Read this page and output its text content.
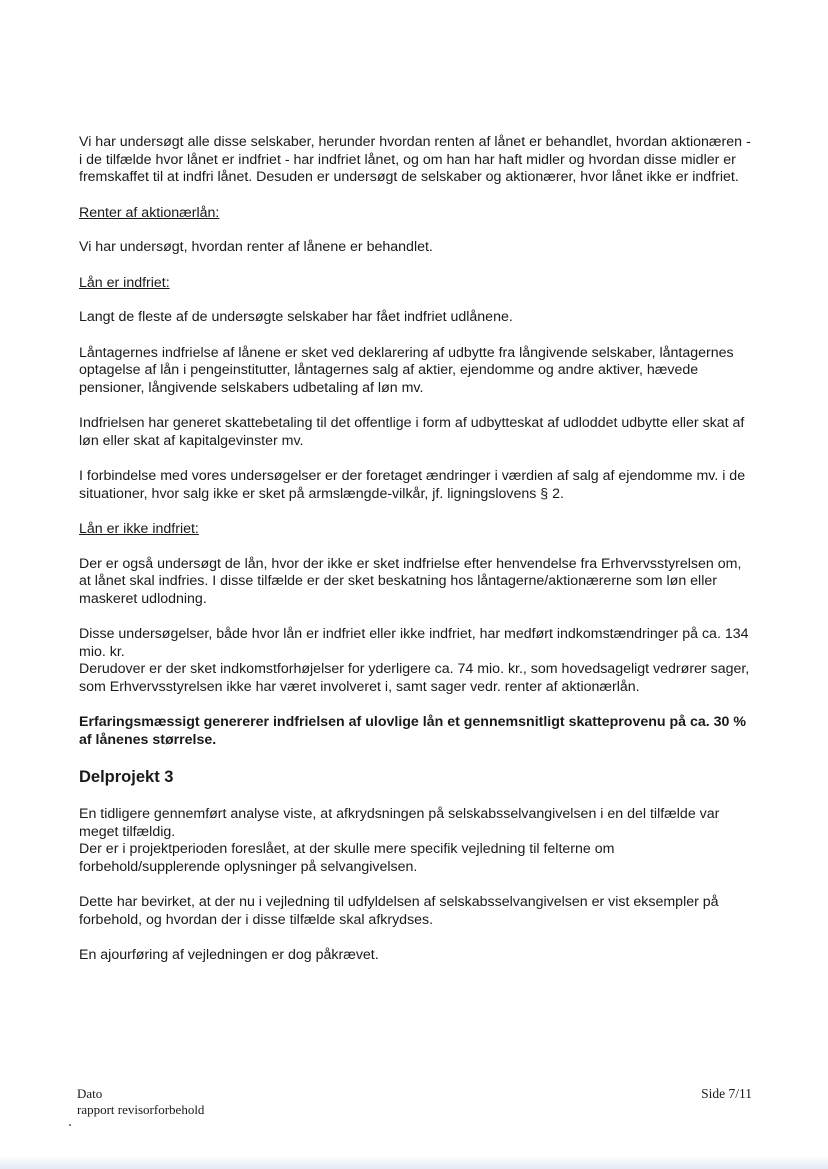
Vi har undersøgt alle disse selskaber, herunder hvordan renten af lånet er behandlet, hvordan aktionæren - i de tilfælde hvor lånet er indfriet - har indfriet lånet, og om han har haft midler og hvordan disse midler er fremskaffet til at indfri lånet. Desuden er undersøgt de selskaber og aktionærer, hvor lånet ikke er indfriet.

Renter af aktionærlån:

Vi har undersøgt, hvordan renter af lånene er behandlet.

Lån er indfriet:

Langt de fleste af de undersøgte selskaber har fået indfriet udlånene.

Låntagernes indfrielse af lånene er sket ved deklarering af udbytte fra långivende selskaber, låntagernes optagelse af lån i pengeinstitutter, låntagernes salg af aktier, ejendomme og andre aktiver, hævede pensioner, långivende selskabers udbetaling af løn mv.

Indfrielsen har generet skattebetaling til det offentlige i form af udbytteskat af udloddet udbytte eller skat af løn eller skat af kapitalgevinster mv.

I forbindelse med vores undersøgelser er der foretaget ændringer i værdien af salg af ejendomme mv. i de situationer, hvor salg ikke er sket på armslængde-vilkår, jf. ligningslovens § 2.

Lån er ikke indfriet:

Der er også undersøgt de lån, hvor der ikke er sket indfrielse efter henvendelse fra Erhvervsstyrelsen om, at lånet skal indfries. I disse tilfælde er der sket beskatning hos låntagerne/aktionærerne som løn eller maskeret udlodning.

Disse undersøgelser, både hvor lån er indfriet eller ikke indfriet, har medført indkomstændringer på ca. 134 mio. kr.

Derudover er der sket indkomstforhøjelser for yderligere ca. 74 mio. kr., som hovedsageligt vedrører sager, som Erhvervsstyrelsen ikke har været involveret i, samt sager vedr. renter af aktionærlån.

Erfaringsmæssigt genererer indfrielsen af ulovlige lån et gennemsnitligt skatteprovenu på ca. 30 % af lånenes størrelse.

Delprojekt 3

En tidligere gennemført analyse viste, at afkrydsningen på selskabsselvangivelsen i en del tilfælde var meget tilfældig.

Der er i projektperioden foreslået, at der skulle mere specifik vejledning til felterne om forbehold/supplerende oplysninger på selvangivelsen.

Dette har bevirket, at der nu i vejledning til udfyldelsen af selskabsselvangivelsen er vist eksempler på forbehold, og hvordan der i disse tilfælde skal afkrydses.

En ajourføring af vejledningen er dog påkrævet.

Dato
rapport revisorforbehold
Side 7/11
